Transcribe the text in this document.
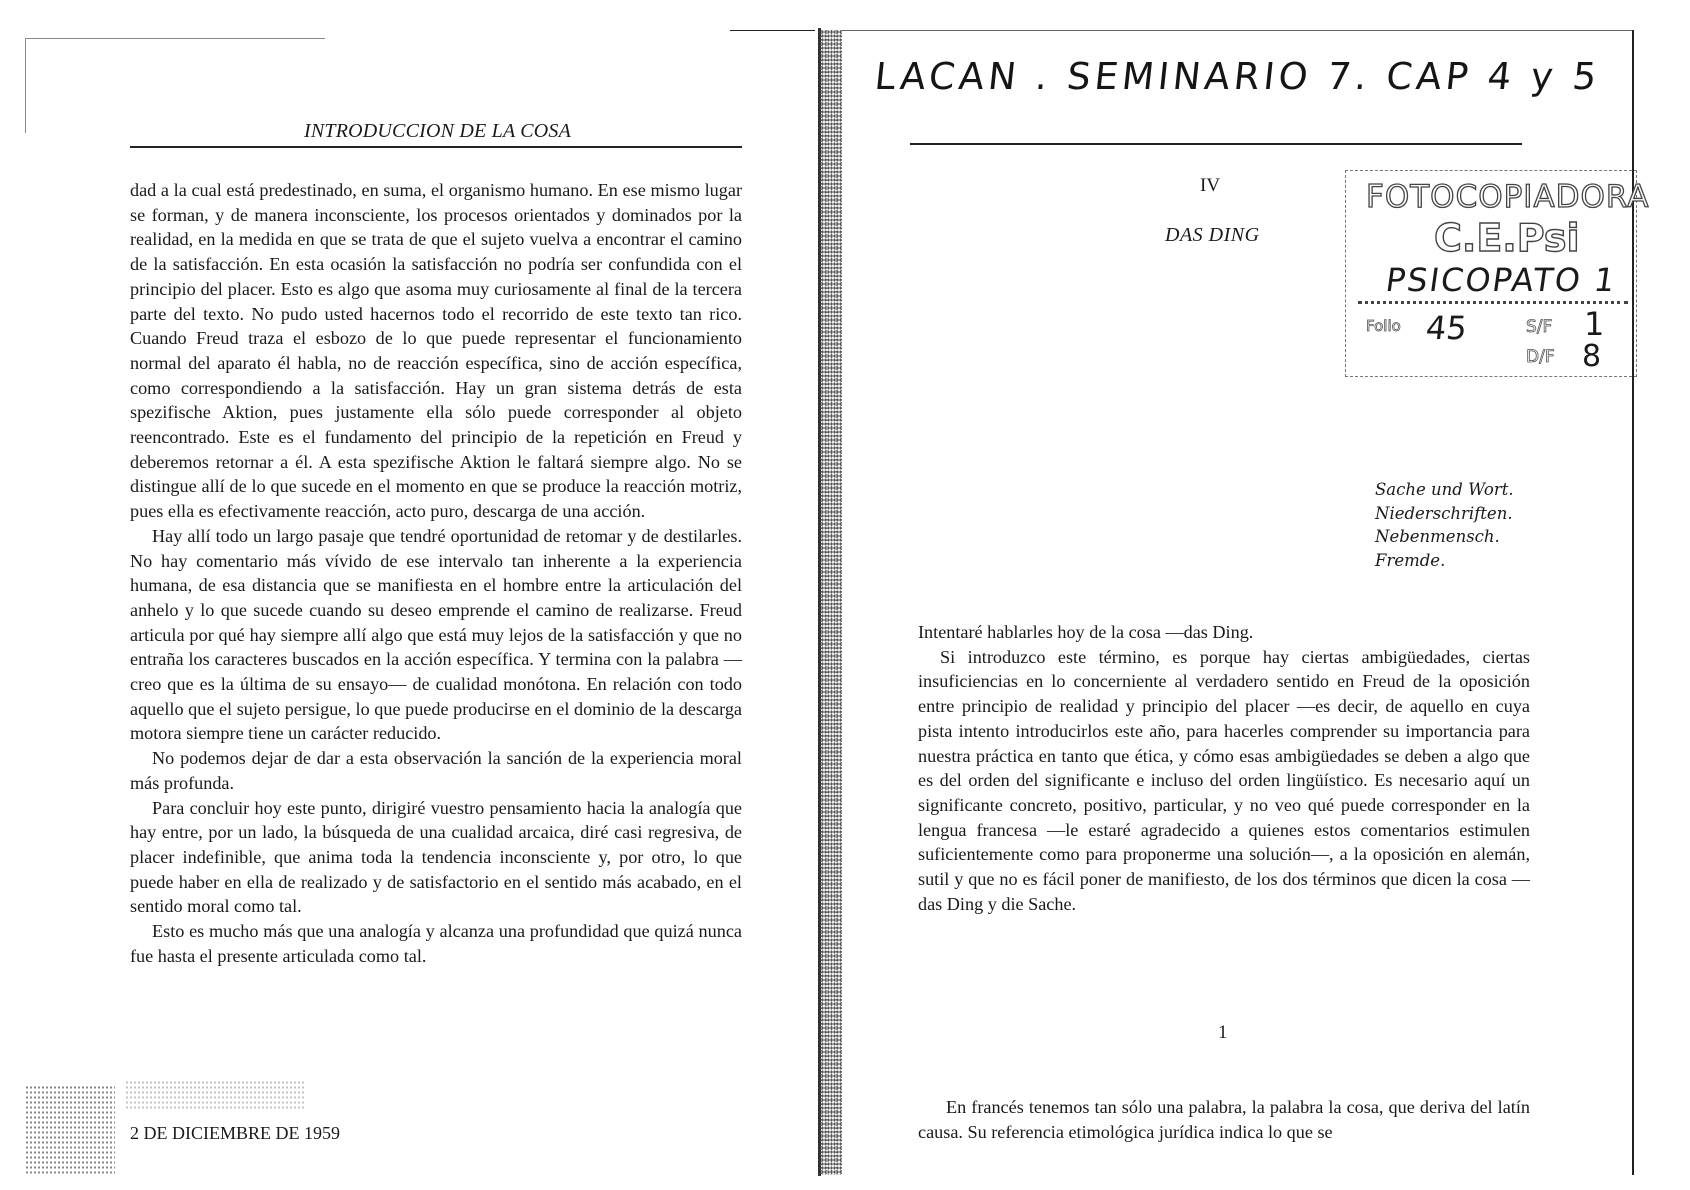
INTRODUCCION DE LA COSA

dad a la cual está predestinado, en suma, el organismo humano. En ese mismo lugar se forman, y de manera inconsciente, los procesos orientados y dominados por la realidad, en la medida en que se trata de que el sujeto vuelva a encontrar el camino de la satisfacción. En esta ocasión la satisfacción no podría ser confundida con el principio del placer. Esto es algo que asoma muy curiosamente al final de la tercera parte del texto. No pudo usted hacernos todo el recorrido de este texto tan rico. Cuando Freud traza el esbozo de lo que puede representar el funcionamiento normal del aparato él habla, no de reacción específica, sino de acción específica, como correspondiendo a la satisfacción. Hay un gran sistema detrás de esta spezifische Aktion, pues justamente ella sólo puede corresponder al objeto reencontrado. Este es el fundamento del principio de la repetición en Freud y deberemos retornar a él. A esta spezifische Aktion le faltará siempre algo. No se distingue allí de lo que sucede en el momento en que se produce la reacción motriz, pues ella es efectivamente reacción, acto puro, descarga de una acción.

Hay allí todo un largo pasaje que tendré oportunidad de retomar y de destilarles. No hay comentario más vívido de ese intervalo tan inherente a la experiencia humana, de esa distancia que se manifiesta en el hombre entre la articulación del anhelo y lo que sucede cuando su deseo emprende el camino de realizarse. Freud articula por qué hay siempre allí algo que está muy lejos de la satisfacción y que no entraña los caracteres buscados en la acción específica. Y termina con la palabra —creo que es la última de su ensayo— de cualidad monótona. En relación con todo aquello que el sujeto persigue, lo que puede producirse en el dominio de la descarga motora siempre tiene un carácter reducido.

No podemos dejar de dar a esta observación la sanción de la experiencia moral más profunda.

Para concluir hoy este punto, dirigiré vuestro pensamiento hacia la analogía que hay entre, por un lado, la búsqueda de una cualidad arcaica, diré casi regresiva, de placer indefinible, que anima toda la tendencia inconsciente y, por otro, lo que puede haber en ella de realizado y de satisfactorio en el sentido más acabado, en el sentido moral como tal.

Esto es mucho más que una analogía y alcanza una profundidad que quizá nunca fue hasta el presente articulada como tal.

2 DE DICIEMBRE DE 1959
LACAN . SEMINARIO 7. CAP 4 y 5
IV
DAS DING
FOTOCOPIADORA
C.E.Psi
PSICOPATO 1
Folio 45	S/F 1
D/F 8
Sache und Wort.
Niederschriften.
Nebenmensch.
Fremde.

Intentaré hablarles hoy de la cosa —das Ding.

Si introduzco este término, es porque hay ciertas ambigüedades, ciertas insuficiencias en lo concerniente al verdadero sentido en Freud de la oposición entre principio de realidad y principio del placer —es decir, de aquello en cuya pista intento introducirlos este año, para hacerles comprender su importancia para nuestra práctica en tanto que ética, y cómo esas ambigüedades se deben a algo que es del orden del significante e incluso del orden lingüístico. Es necesario aquí un significante concreto, positivo, particular, y no veo qué puede corresponder en la lengua francesa —le estaré agradecido a quienes estos comentarios estimulen suficientemente como para proponerme una solución—, a la oposición en alemán, sutil y que no es fácil poner de manifiesto, de los dos términos que dicen la cosa — das Ding y die Sache.

1

En francés tenemos tan sólo una palabra, la palabra la cosa, que deriva del latín causa. Su referencia etimológica jurídica indica lo que se
